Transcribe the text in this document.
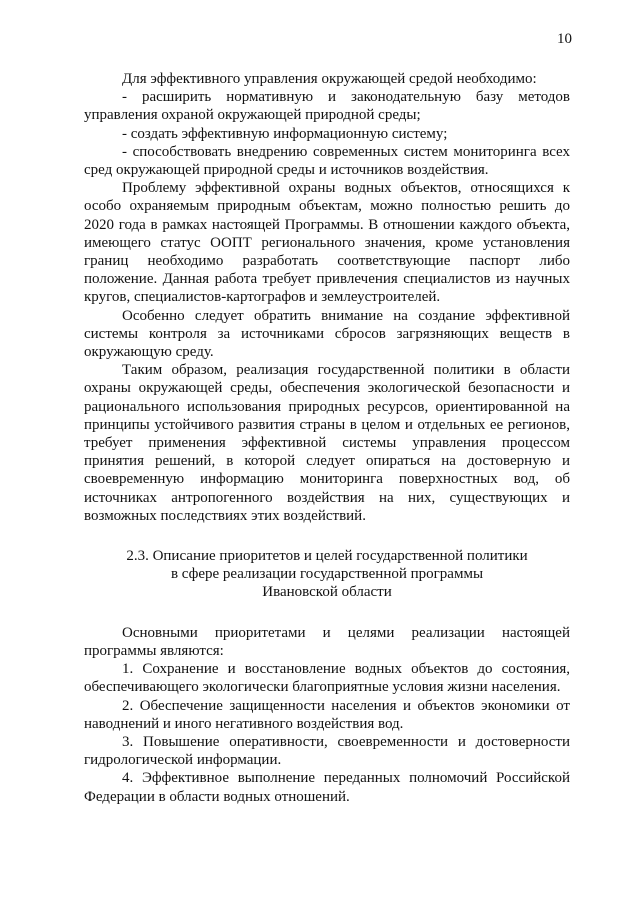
10

Для эффективного управления окружающей средой необходимо:

- расширить нормативную и законодательную базу методов управления охраной окружающей природной среды;

- создать эффективную информационную систему;

- способствовать внедрению современных систем мониторинга всех сред окружающей природной среды и источников воздействия.

Проблему эффективной охраны водных объектов, относящихся к особо охраняемым природным объектам, можно полностью решить до 2020 года в рамках настоящей Программы. В отношении каждого объекта, имеющего статус ООПТ регионального значения, кроме установления границ необходимо разработать соответствующие паспорт либо положение. Данная работа требует привлечения специалистов из научных кругов, специалистов-картографов и землеустроителей.

Особенно следует обратить внимание на создание эффективной системы контроля за источниками сбросов загрязняющих веществ в окружающую среду.

Таким образом, реализация государственной политики в области охраны окружающей среды, обеспечения экологической безопасности и рационального использования природных ресурсов, ориентированной на принципы устойчивого развития страны в целом и отдельных ее регионов, требует применения эффективной системы управления процессом принятия решений, в которой следует опираться на достоверную и своевременную информацию мониторинга поверхностных вод, об источниках антропогенного воздействия на них, существующих и возможных последствиях этих воздействий.

2.3. Описание приоритетов и целей государственной политики
в сфере реализации государственной программы
Ивановской области

Основными приоритетами и целями реализации настоящей программы являются:

1. Сохранение и восстановление водных объектов до состояния, обеспечивающего экологически благоприятные условия жизни населения.

2. Обеспечение защищенности населения и объектов экономики от наводнений и иного негативного воздействия вод.

3. Повышение оперативности, своевременности и достоверности гидрологической информации.

4. Эффективное выполнение переданных полномочий Российской Федерации в области водных отношений.
